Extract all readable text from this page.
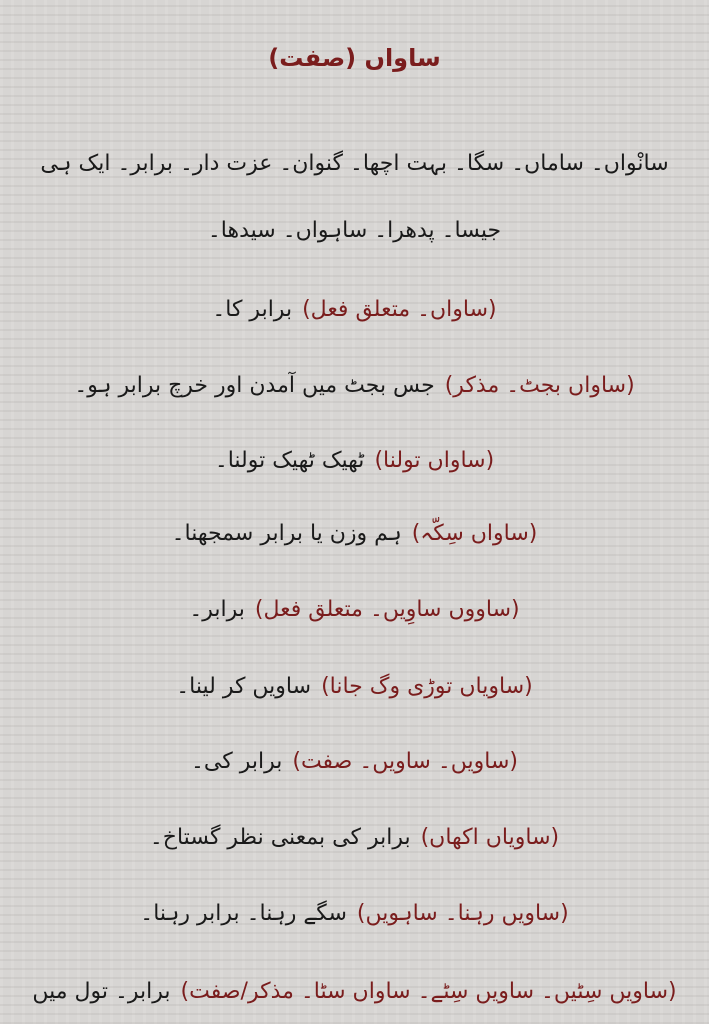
ساواں (صفت)
سانْواں۔ ساماں۔ سگا۔ بہت اچھا۔ گنوان۔ عزت دار۔ برابر۔ ایک ہی
جیسا۔ پدھرا۔ ساہواں۔ سیدھا۔
(ساواں۔ متعلق فعل)برابر کا۔
(ساواں بجٹ۔ مذکر)جس بجٹ میں آمدن اور خرچ برابر ہو۔
(ساواں تولنا)ٹھیک ٹھیک تولنا۔
(ساواں سِکّہ)ہم وزن یا برابر سمجھنا۔
(ساووں ساوِیں۔ متعلق فعل)برابر۔
(ساویاں توڑی وگ جانا)ساویں کر لینا۔
(ساویں۔ ساویں۔ صفت)برابر کی۔
(ساویاں اکھاں)برابر کی بمعنی نظر گستاخ۔
(ساویں رہنا۔ ساہویں)سگے رہنا۔ برابر رہنا۔
(ساویں سِٹیں۔ ساویں سِٹے۔ ساواں سٹا۔ مذکر/صفت)برابر۔ تول میں
